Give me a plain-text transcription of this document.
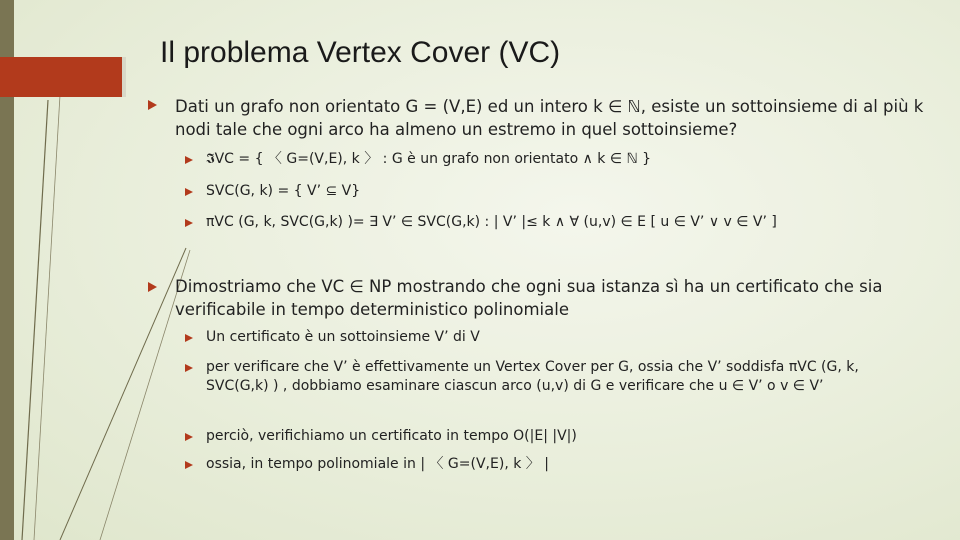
Il problema Vertex Cover (VC)
Dati un grafo non orientato G = (V,E) ed un intero k ∈ ℕ, esiste un sottoinsieme di al più k nodi tale che ogni arco ha almeno un estremo in quel sottoinsieme?
𝕴VC = { 〈 G=(V,E), k 〉 : G è un grafo non orientato ∧ k ∈ ℕ }
SVC(G, k) = { V’ ⊆ V}
πVC (G, k, SVC(G,k) )= ∃ V’ ∈ SVC(G,k) : | V’ |≤ k ∧ ∀ (u,v) ∈ E [ u ∈ V’ ∨ v ∈ V’ ]
Dimostriamo che VC ∈ NP mostrando che ogni sua istanza sì ha un certificato che sia verificabile in tempo deterministico polinomiale
Un certificato è un sottoinsieme V’ di V
per verificare che V’ è effettivamente un Vertex Cover per G, ossia che V’ soddisfa πVC (G, k, SVC(G,k) ) , dobbiamo esaminare ciascun arco (u,v) di G e verificare che u ∈ V’ o v ∈ V’
perciò, verifichiamo un certificato in tempo O(|E| |V|)
ossia, in tempo polinomiale in | 〈 G=(V,E), k 〉 |
